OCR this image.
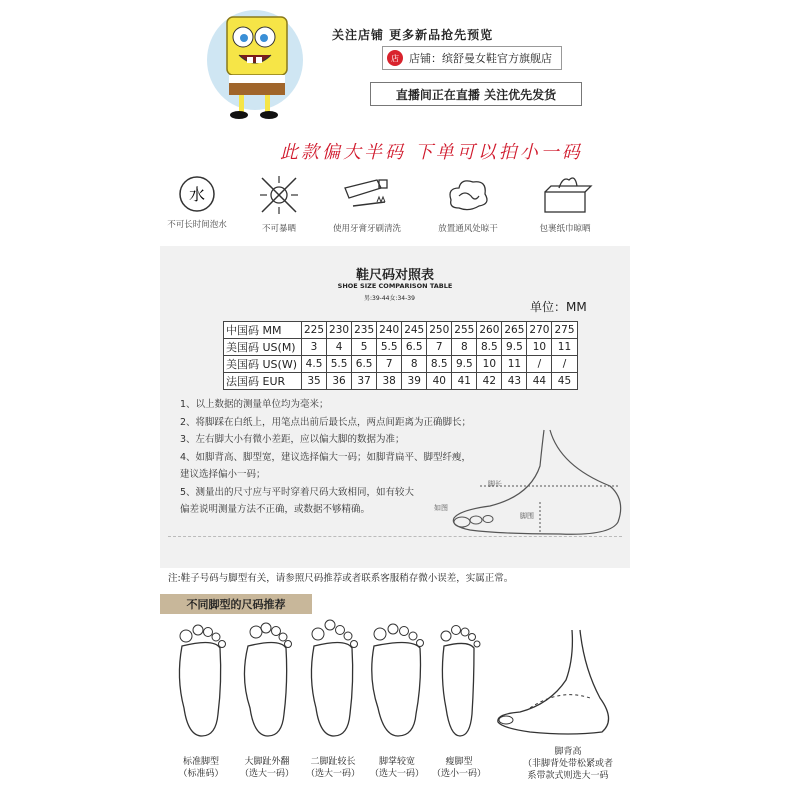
关注店铺 更多新品抢先预览
店 店铺：缤舒曼女鞋官方旗舰店
直播间正在直播 关注优先发货
此款偏大半码 下单可以拍小一码
水
不可长时间泡水	不可暴晒	使用牙膏牙刷清洗	放置通风处晾干	包裹纸巾晾晒
鞋尺码对照表
SHOE SIZE COMPARISON TABLE
男:39-44女:34-39
单位：MM
中国码 MM	225	230	235	240	245	250	255	260	265	270	275
美国码 US(M)	3	4	5	5.5	6.5	7	8	8.5	9.5	10	11
美国码 US(W)	4.5	5.5	6.5	7	8	8.5	9.5	10	11	/	/
法国码 EUR	35	36	37	38	39	40	41	42	43	44	45
1、以上数据的测量单位均为毫米；
2、将脚踩在白纸上，用笔点出前后最长点，两点间距离为正确脚长；
3、左右脚大小有微小差距，应以偏大脚的数据为准；
4、如脚背高、脚型宽，建议选择偏大一码；如脚背扁平、脚型纤瘦，
建议选择偏小一码；
5、测量出的尺寸应与平时穿着尺码大致相同，如有较大
偏差说明测量方法不正确，或数据不够精确。
脚长
脚围
如图
注:鞋子号码与脚型有关，请参照尺码推荐或者联系客服稍存微小误差，实属正常。
不同脚型的尺码推荐
标准脚型
（标准码）
大脚趾外翻
（选大一码）
二脚趾较长
（选大一码）
脚掌较宽
（选大一码）
瘦脚型
（选小一码）
脚背高
（非脚背处带松紧或者
系带款式则选大一码
